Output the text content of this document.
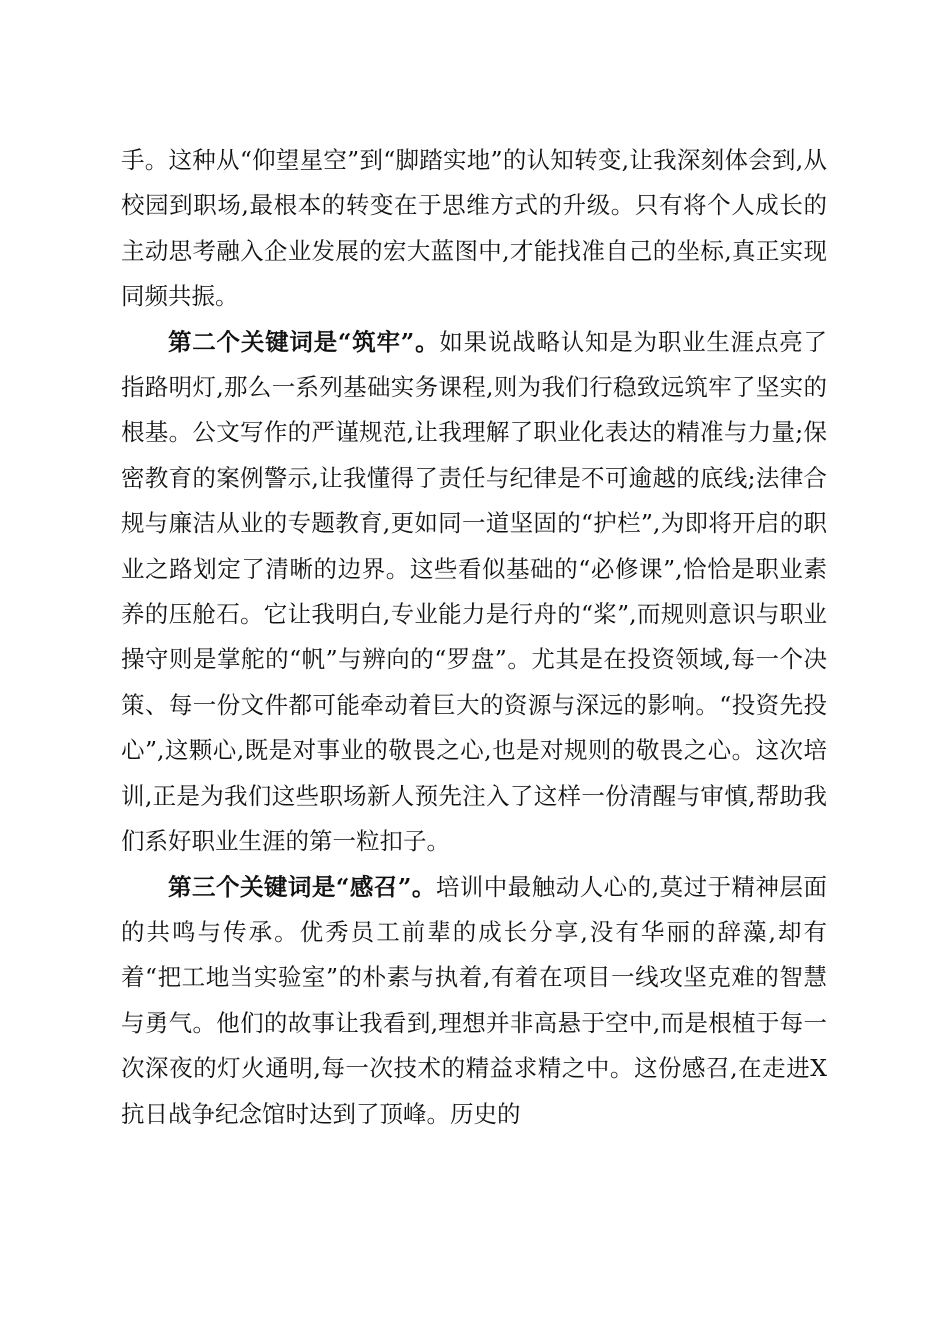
手。这种从“仰望星空”到“脚踏实地”的认知转变,让我深刻体会到,从校园到职场,最根本的转变在于思维方式的升级。只有将个人成长的主动思考融入企业发展的宏大蓝图中,才能找准自己的坐标,真正实现同频共振。

第二个关键词是“筑牢”。如果说战略认知是为职业生涯点亮了指路明灯,那么一系列基础实务课程,则为我们行稳致远筑牢了坚实的根基。公文写作的严谨规范,让我理解了职业化表达的精准与力量;保密教育的案例警示,让我懂得了责任与纪律是不可逾越的底线;法律合规与廉洁从业的专题教育,更如同一道坚固的“护栏”,为即将开启的职业之路划定了清晰的边界。这些看似基础的“必修课”,恰恰是职业素养的压舱石。它让我明白,专业能力是行舟的“桨”,而规则意识与职业操守则是掌舵的“帆”与辨向的“罗盘”。尤其是在投资领域,每一个决策、每一份文件都可能牵动着巨大的资源与深远的影响。“投资先投心”,这颗心,既是对事业的敬畏之心,也是对规则的敬畏之心。这次培训,正是为我们这些职场新人预先注入了这样一份清醒与审慎,帮助我们系好职业生涯的第一粒扣子。

第三个关键词是“感召”。培训中最触动人心的,莫过于精神层面的共鸣与传承。优秀员工前辈的成长分享,没有华丽的辞藻,却有着“把工地当实验室”的朴素与执着,有着在项目一线攻坚克难的智慧与勇气。他们的故事让我看到,理想并非高悬于空中,而是根植于每一次深夜的灯火通明,每一次技术的精益求精之中。这份感召,在走进X抗日战争纪念馆时达到了顶峰。历史的
